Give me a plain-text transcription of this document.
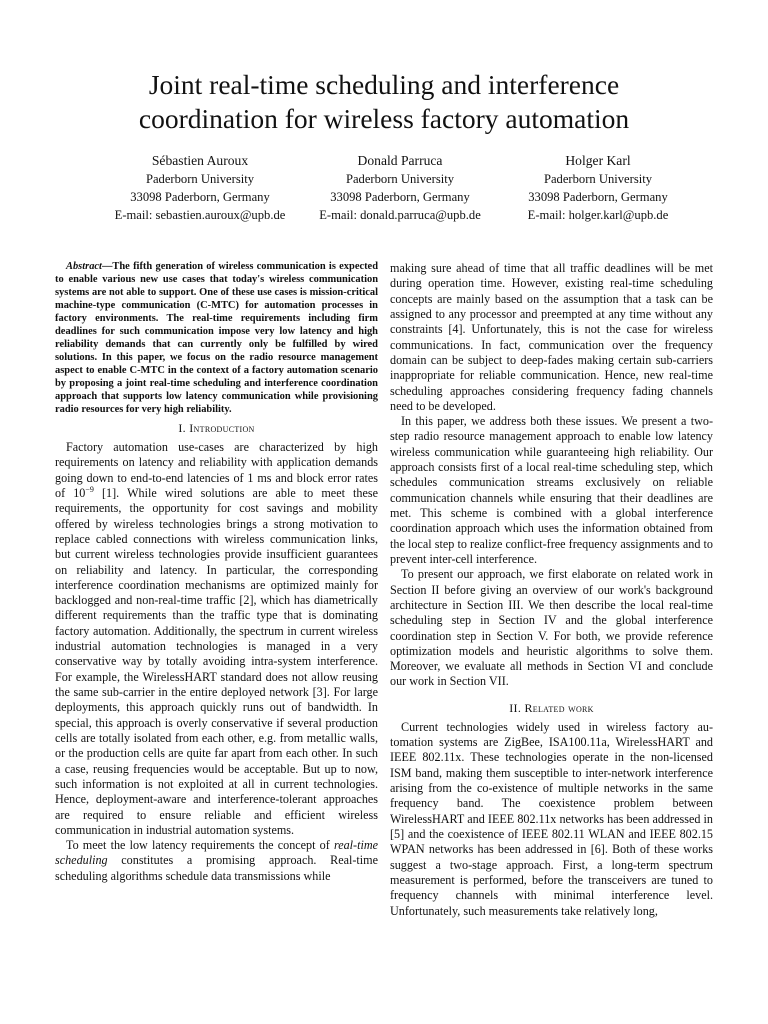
Joint real-time scheduling and interference
coordination for wireless factory automation
Sébastien Auroux
Paderborn University
33098 Paderborn, Germany
E-mail: sebastien.auroux@upb.de
Donald Parruca
Paderborn University
33098 Paderborn, Germany
E-mail: donald.parruca@upb.de
Holger Karl
Paderborn University
33098 Paderborn, Germany
E-mail: holger.karl@upb.de

Abstract—The fifth generation of wireless communication is expected to enable various new use cases that today's wireless communication systems are not able to support. One of these use cases is mission-critical machine-type communication (C-MTC) for automation processes in factory environments. The real-time requirements including firm deadlines for such communication impose very low latency and high reliability demands that can currently only be fulfilled by wired solutions. In this paper, we focus on the radio resource management aspect to enable C-MTC in the context of a factory automation scenario by proposing a joint real-time scheduling and interference coordination approach that supports low latency communication while provisioning radio resources for very high reliability.

I. Introduction

Factory automation use-cases are characterized by high requirements on latency and reliability with application demands going down to end-to-end latencies of 1 ms and block error rates of $10^{-9}$ [1]. While wired solutions are able to meet these requirements, the opportunity for cost savings and mobility offered by wireless technologies brings a strong motivation to replace cabled connections with wireless communication links, but current wireless technologies provide insufficient guarantees on reliability and latency. In particular, the corresponding interference coordination mechanisms are optimized mainly for backlogged and non-real-time traffic [2], which has diametrically different requirements than the traffic type that is dominating factory automation. Additionally, the spectrum in current wireless industrial automation technologies is managed in a very conservative way by totally avoiding intra-system interference. For example, the WirelessHART standard does not allow reusing the same sub-carrier in the entire deployed network [3]. For large deployments, this approach quickly runs out of bandwidth. In special, this approach is overly conservative if several production cells are totally isolated from each other, e.g. from metallic walls, or the production cells are quite far apart from each other. In such a case, reusing frequencies would be acceptable. But up to now, such information is not exploited at all in current technologies. Hence, deployment-aware and interference-tolerant approaches are required to ensure reliable and efficient wireless communication in industrial automation systems.

To meet the low latency requirements the concept of real-time scheduling constitutes a promising approach. Real-time scheduling algorithms schedule data transmissions while

making sure ahead of time that all traffic deadlines will be met during operation time. However, existing real-time scheduling concepts are mainly based on the assumption that a task can be assigned to any processor and preempted at any time without any constraints [4]. Unfortunately, this is not the case for wireless communications. In fact, communication over the frequency domain can be subject to deep-fades making certain sub-carriers inappropriate for reliable communication. Hence, new real-time scheduling approaches considering frequency fading channels need to be developed.

In this paper, we address both these issues. We present a two-step radio resource management approach to enable low latency wireless communication while guaranteeing high reliability. Our approach consists first of a local real-time scheduling step, which schedules communication streams exclusively on reliable communication channels while ensuring that their deadlines are met. This scheme is combined with a global interference coordination approach which uses the information obtained from the local step to realize conflict-free frequency assignments and to prevent inter-cell interference.

To present our approach, we first elaborate on related work in Section II before giving an overview of our work's background architecture in Section III. We then describe the local real-time scheduling step in Section IV and the global interference coordination step in Section V. For both, we provide reference optimization models and heuristic algorithms to solve them. Moreover, we evaluate all methods in Section VI and conclude our work in Section VII.

II. Related work

Current technologies widely used in wireless factory automation systems are ZigBee, ISA100.11a, WirelessHART and IEEE 802.11x. These technologies operate in the non-licensed ISM band, making them susceptible to inter-network interference arising from the co-existence of multiple networks in the same frequency band. The coexistence problem between WirelessHART and IEEE 802.11x networks has been addressed in [5] and the coexistence of IEEE 802.11 WLAN and IEEE 802.15 WPAN networks has been addressed in [6]. Both of these works suggest a two-stage approach. First, a long-term spectrum measurement is performed, before the transceivers are tuned to frequency channels with minimal interference level. Unfortunately, such measurements take relatively long,
